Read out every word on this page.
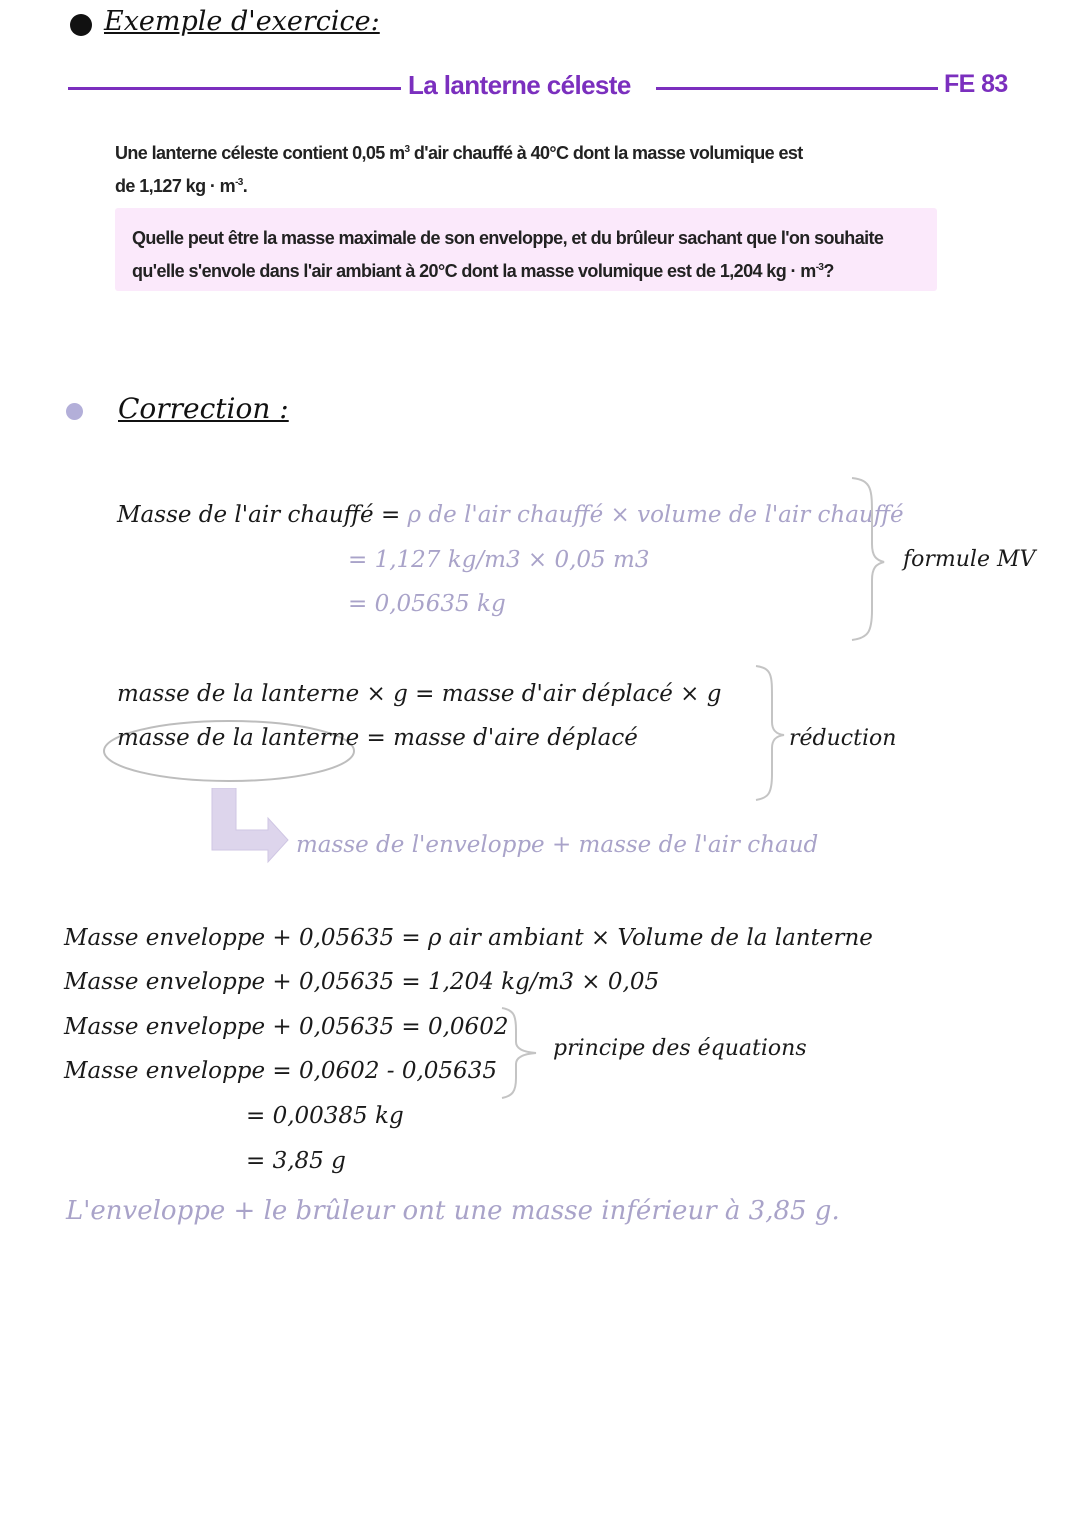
Exemple d'exercice:
La lanterne céleste	FE 83
Une lanterne céleste contient 0,05 $m^3$ d'air chauffé à 40°C dont la masse volumique est
de 1,127 kg · $m^{-3}$.
Quelle peut être la masse maximale de son enveloppe, et du brûleur sachant que l'on souhaite
qu'elle s'envole dans l'air ambiant à 20°C dont la masse volumique est de 1,204 kg · $m^{-3}$?
Correction :
Masse de l'air chauffé = ρ de l'air chauffé × volume de l'air chauffé
= 1,127 kg/m3 × 0,05 m3
= 0,05635 kg
formule MV
masse de la lanterne × g = masse d'air déplacé × g
masse de la lanterne = masse d'aire déplacé	réduction
masse de l'enveloppe + masse de l'air chaud
Masse enveloppe + 0,05635 = ρ air ambiant × Volume de la lanterne
Masse enveloppe + 0,05635 = 1,204 kg/m3 × 0,05
Masse enveloppe + 0,05635 = 0,0602
Masse enveloppe = 0,0602 - 0,05635
= 0,00385 kg
= 3,85 g
principe des équations
L'enveloppe + le brûleur ont une masse inférieur à 3,85 g.
